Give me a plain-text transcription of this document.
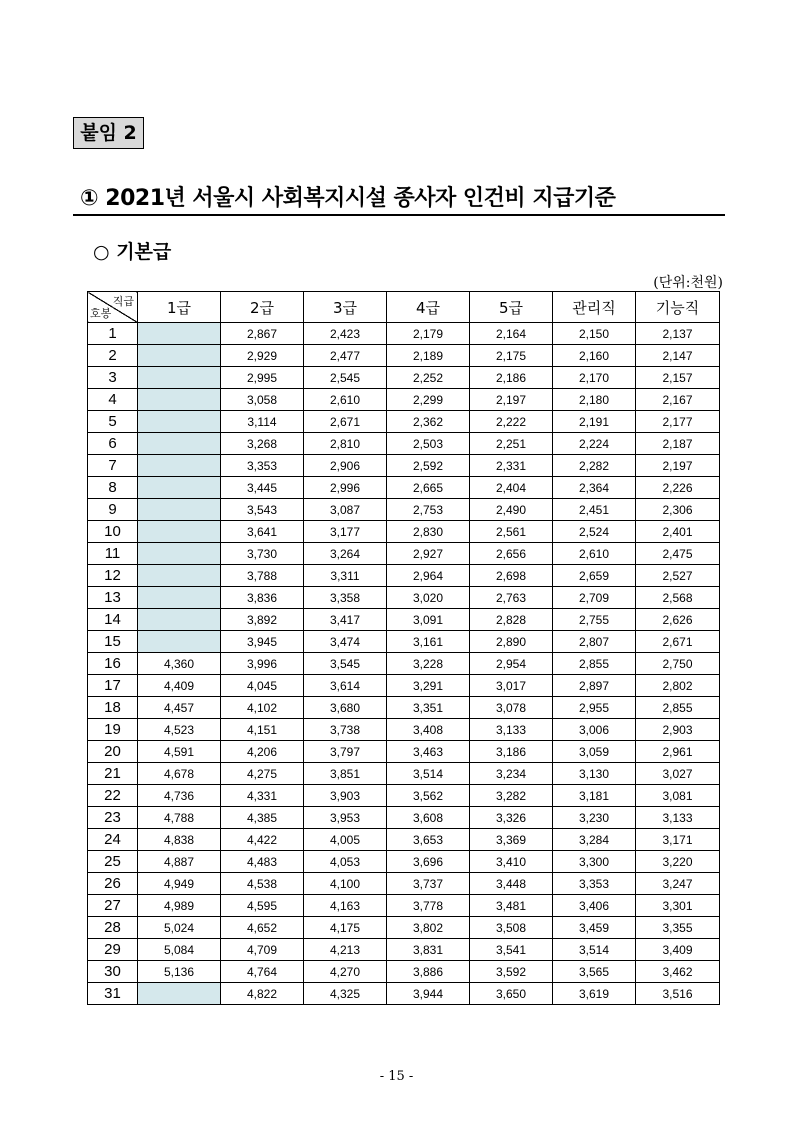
붙임 2
① 2021년 서울시 사회복지시설 종사자 인건비 지급기준
○ 기본급
(단위:천원)
직급
호봉	1급	2급	3급	4급	5급	관리직	기능직
1		2,867	2,423	2,179	2,164	2,150	2,137
2		2,929	2,477	2,189	2,175	2,160	2,147
3		2,995	2,545	2,252	2,186	2,170	2,157
4		3,058	2,610	2,299	2,197	2,180	2,167
5		3,114	2,671	2,362	2,222	2,191	2,177
6		3,268	2,810	2,503	2,251	2,224	2,187
7		3,353	2,906	2,592	2,331	2,282	2,197
8		3,445	2,996	2,665	2,404	2,364	2,226
9		3,543	3,087	2,753	2,490	2,451	2,306
10		3,641	3,177	2,830	2,561	2,524	2,401
11		3,730	3,264	2,927	2,656	2,610	2,475
12		3,788	3,311	2,964	2,698	2,659	2,527
13		3,836	3,358	3,020	2,763	2,709	2,568
14		3,892	3,417	3,091	2,828	2,755	2,626
15		3,945	3,474	3,161	2,890	2,807	2,671
16	4,360	3,996	3,545	3,228	2,954	2,855	2,750
17	4,409	4,045	3,614	3,291	3,017	2,897	2,802
18	4,457	4,102	3,680	3,351	3,078	2,955	2,855
19	4,523	4,151	3,738	3,408	3,133	3,006	2,903
20	4,591	4,206	3,797	3,463	3,186	3,059	2,961
21	4,678	4,275	3,851	3,514	3,234	3,130	3,027
22	4,736	4,331	3,903	3,562	3,282	3,181	3,081
23	4,788	4,385	3,953	3,608	3,326	3,230	3,133
24	4,838	4,422	4,005	3,653	3,369	3,284	3,171
25	4,887	4,483	4,053	3,696	3,410	3,300	3,220
26	4,949	4,538	4,100	3,737	3,448	3,353	3,247
27	4,989	4,595	4,163	3,778	3,481	3,406	3,301
28	5,024	4,652	4,175	3,802	3,508	3,459	3,355
29	5,084	4,709	4,213	3,831	3,541	3,514	3,409
30	5,136	4,764	4,270	3,886	3,592	3,565	3,462
31		4,822	4,325	3,944	3,650	3,619	3,516
- 15 -
